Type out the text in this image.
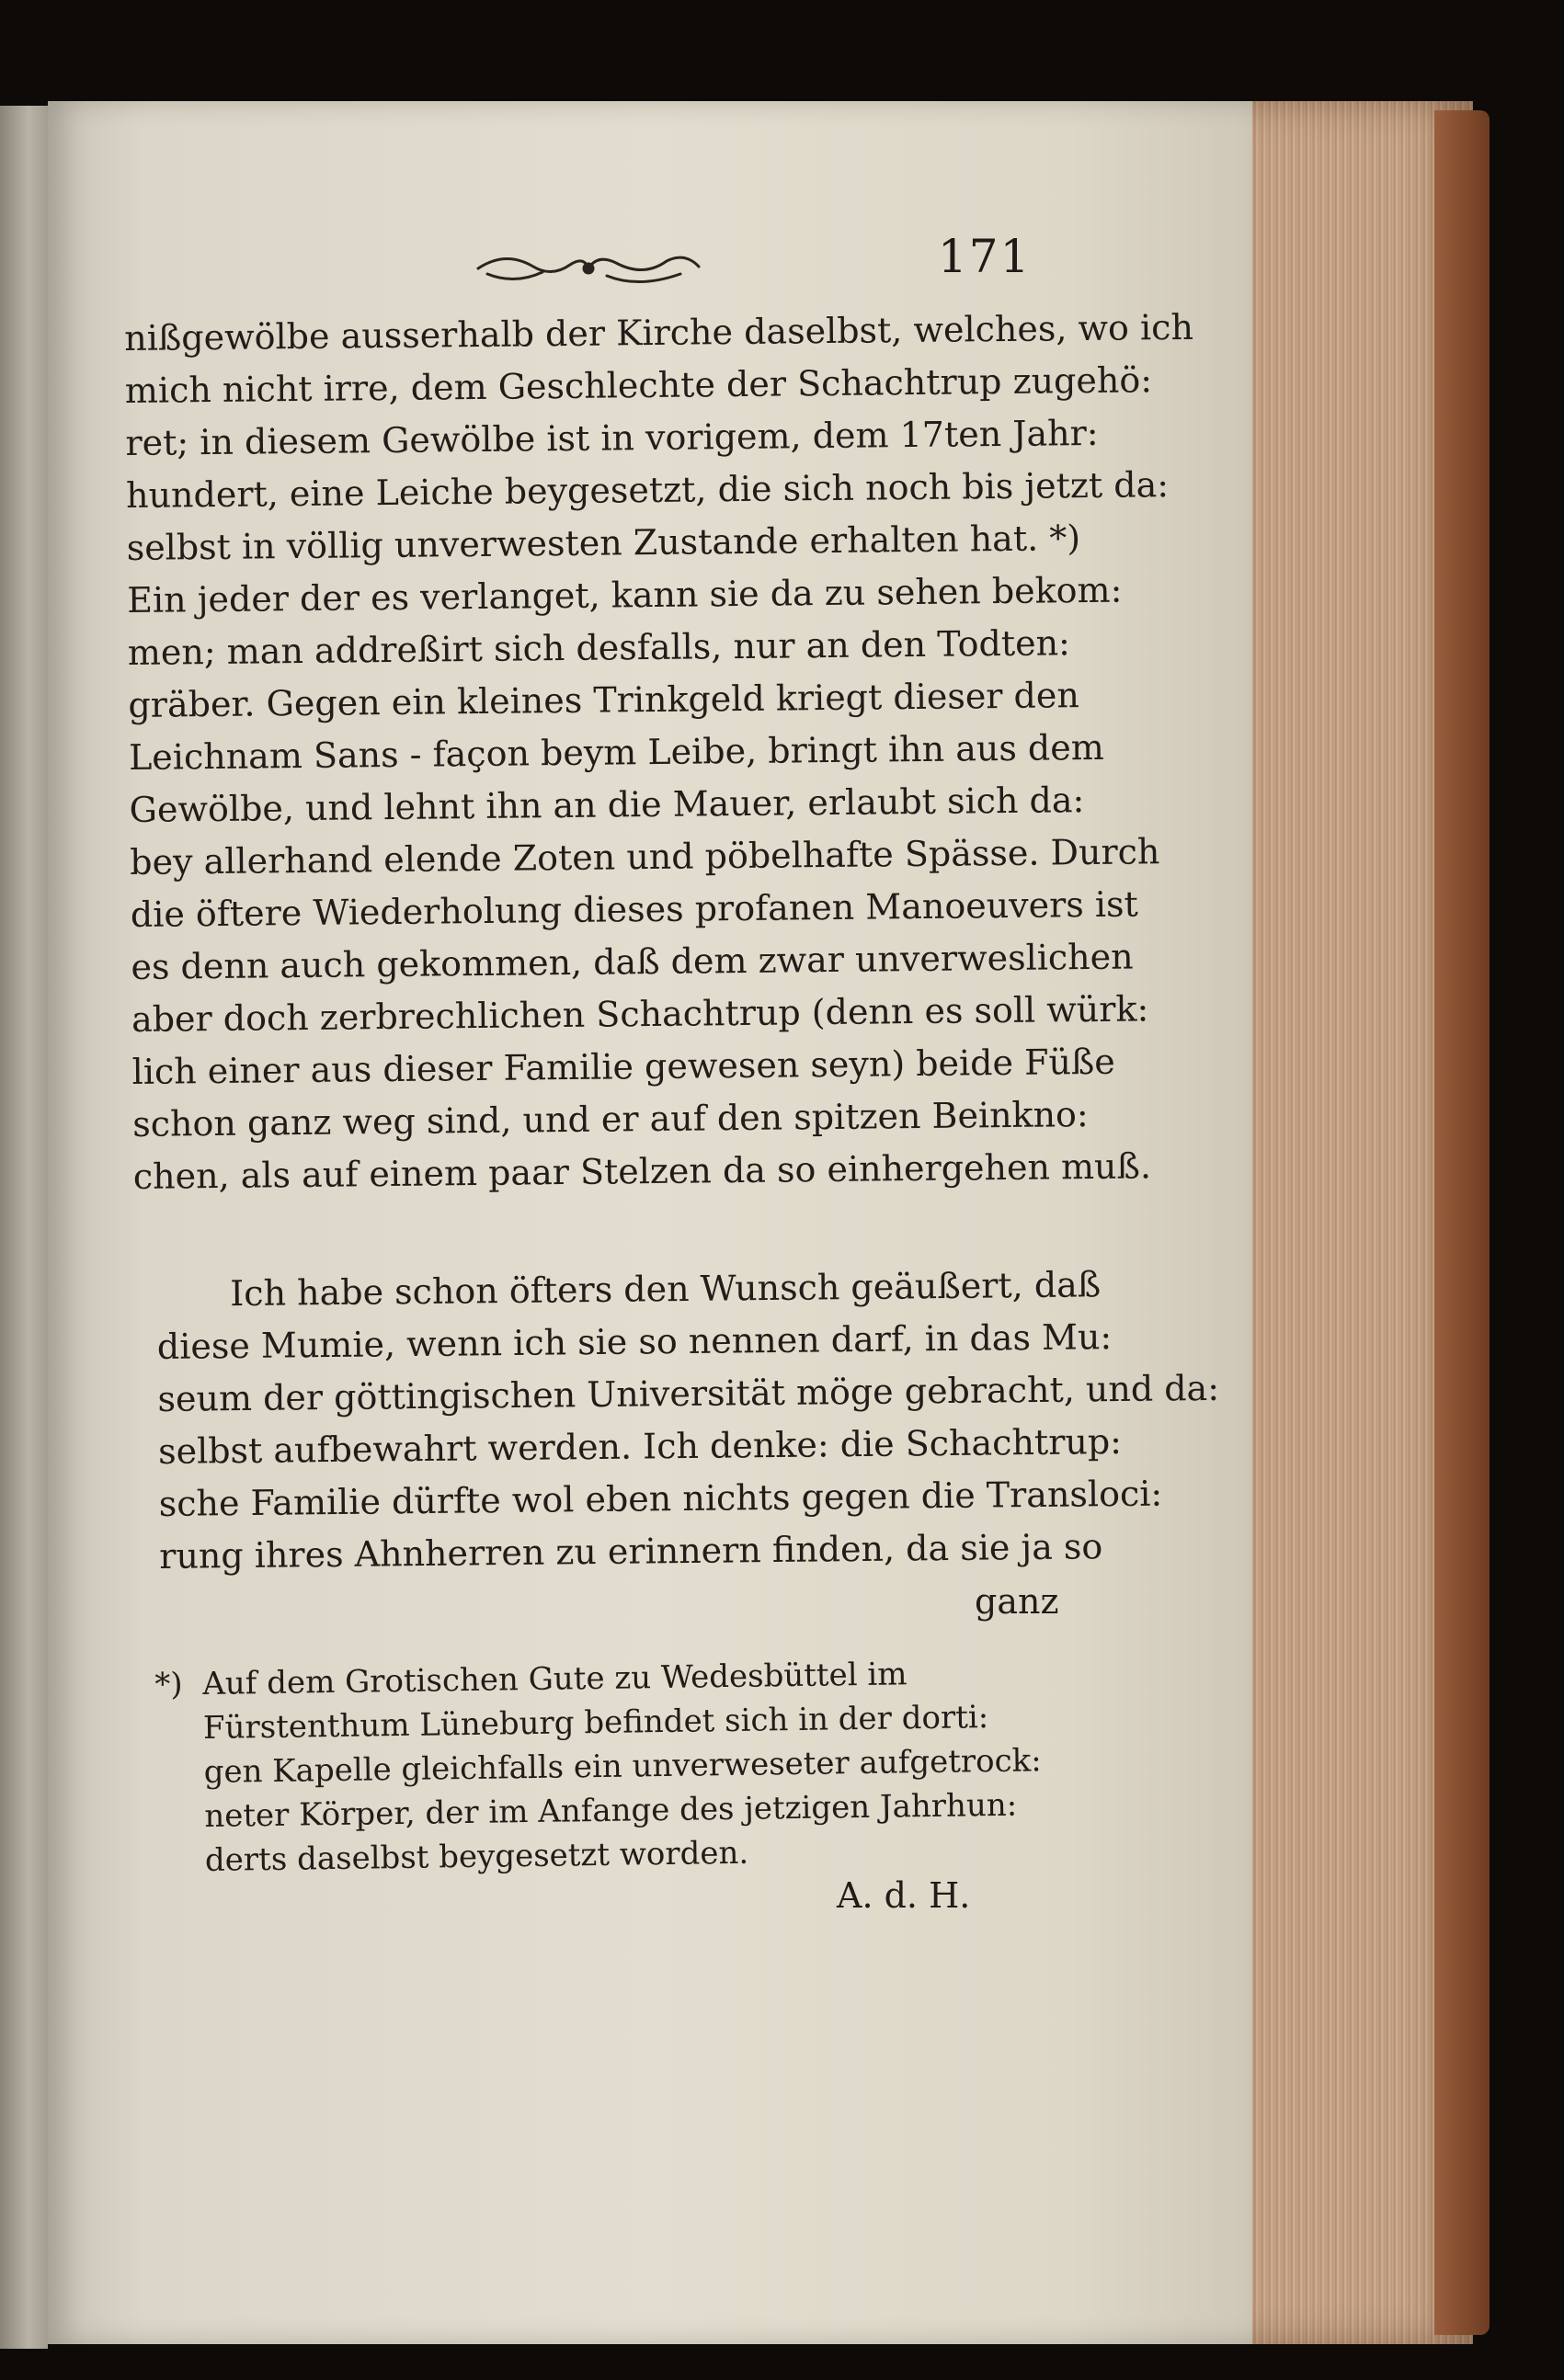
171
nißgewölbe ausserhalb der Kirche daselbst, welches, wo ich
mich nicht irre, dem Geschlechte der Schachtrup zugehö:
ret; in diesem Gewölbe ist in vorigem, dem 17ten Jahr:
hundert, eine Leiche beygesetzt, die sich noch bis jetzt da:
selbst in völlig unverwesten Zustande erhalten hat. *)
Ein jeder der es verlanget, kann sie da zu sehen bekom:
men; man addreßirt sich desfalls, nur an den Todten:
gräber. Gegen ein kleines Trinkgeld kriegt dieser den
Leichnam Sans - façon beym Leibe, bringt ihn aus dem
Gewölbe, und lehnt ihn an die Mauer, erlaubt sich da:
bey allerhand elende Zoten und pöbelhafte Spässe. Durch
die öftere Wiederholung dieses profanen Manoeuvers ist
es denn auch gekommen, daß dem zwar unverweslichen
aber doch zerbrechlichen Schachtrup (denn es soll würk:
lich einer aus dieser Familie gewesen seyn) beide Füße
schon ganz weg sind, und er auf den spitzen Beinkno:
chen, als auf einem paar Stelzen da so einhergehen muß.
Ich habe schon öfters den Wunsch geäußert, daß
diese Mumie, wenn ich sie so nennen darf, in das Mu:
seum der göttingischen Universität möge gebracht, und da:
selbst aufbewahrt werden. Ich denke: die Schachtrup:
sche Familie dürfte wol eben nichts gegen die Transloci:
rung ihres Ahnherren zu erinnern finden, da sie ja so
ganz
*) Auf dem Grotischen Gute zu Wedesbüttel im
Fürstenthum Lüneburg befindet sich in der dorti:
gen Kapelle gleichfalls ein unverweseter aufgetrock:
neter Körper, der im Anfange des jetzigen Jahrhun:
derts daselbst beygesetzt worden.
A. d. H.
